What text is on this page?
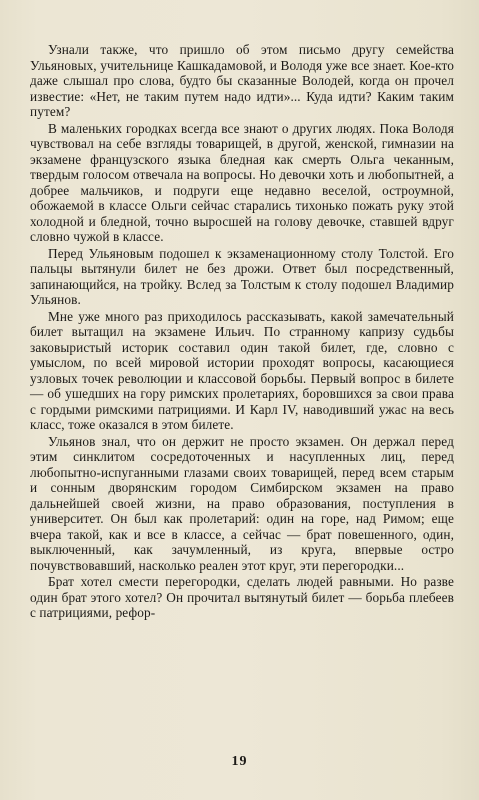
Узнали также, что пришло об этом письмо другу семейства Ульяновых, учительнице Кашкадамовой, и Володя уже все знает. Кое-кто даже слышал про слова, будто бы сказанные Володей, когда он прочел известие: «Нет, не таким путем надо идти»... Куда идти? Каким таким путем?

В маленьких городках всегда все знают о других людях. Пока Володя чувствовал на себе взгляды товарищей, в другой, женской, гимназии на экзамене французского языка бледная как смерть Ольга чеканным, твердым голосом отвечала на вопросы. Но девочки хоть и любопытней, а добрее мальчиков, и подруги еще недавно веселой, остроумной, обожаемой в классе Ольги сейчас старались тихонько пожать руку этой холодной и бледной, точно выросшей на голову девочке, ставшей вдруг словно чужой в классе.

Перед Ульяновым подошел к экзаменационному столу Толстой. Его пальцы вытянули билет не без дрожи. Ответ был посредственный, запинающийся, на тройку. Вслед за Толстым к столу подошел Владимир Ульянов.

Мне уже много раз приходилось рассказывать, какой замечательный билет вытащил на экзамене Ильич. По странному капризу судьбы заковыристый историк составил один такой билет, где, словно с умыслом, по всей мировой истории проходят вопросы, касающиеся узловых точек революции и классовой борьбы. Первый вопрос в билете — об ушедших на гору римских пролетариях, боровшихся за свои права с гордыми римскими патрициями. И Карл IV, наводивший ужас на весь класс, тоже оказался в этом билете.

Ульянов знал, что он держит не просто экзамен. Он держал перед этим синклитом сосредоточенных и насупленных лиц, перед любопытно-испуганными глазами своих товарищей, перед всем старым и сонным дворянским городом Симбирском экзамен на право дальнейшей своей жизни, на право образования, поступления в университет. Он был как пролетарий: один на горе, над Римом; еще вчера такой, как и все в классе, а сейчас — брат повешенного, один, выключенный, как зачумленный, из круга, впервые остро почувствовавший, насколько реален этот круг, эти перегородки...

Брат хотел смести перегородки, сделать людей равными. Но разве один брат этого хотел? Он прочитал вытянутый билет — борьба плебеев с патрициями, рефор-

19
